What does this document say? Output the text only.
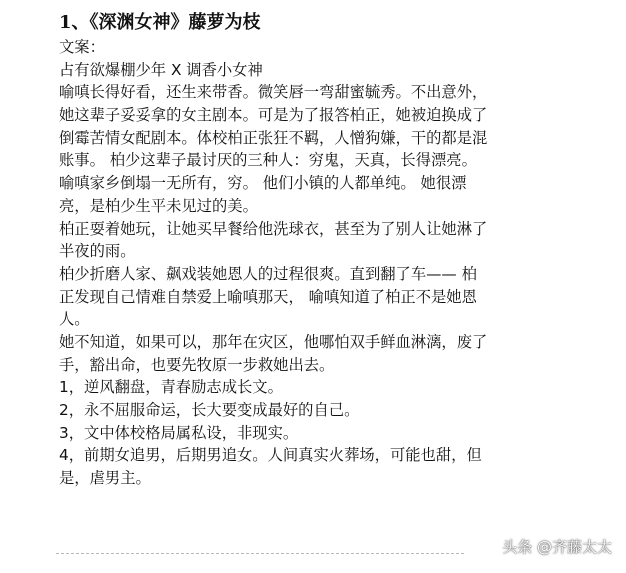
1、《深渊女神》藤萝为枝
文案：
占有欲爆棚少年 X 调香小女神
喻嗔长得好看，还生来带香。微笑唇一弯甜蜜毓秀。不出意外，
她这辈子妥妥拿的女主剧本。可是为了报答柏正，她被迫换成了
倒霉苦情女配剧本。体校柏正张狂不羁，人憎狗嫌，干的都是混
账事。 柏少这辈子最讨厌的三种人：穷鬼，天真，长得漂亮。
喻嗔家乡倒塌一无所有，穷。 他们小镇的人都单纯。 她很漂
亮，是柏少生平未见过的美。
柏正耍着她玩，让她买早餐给他洗球衣，甚至为了别人让她淋了
半夜的雨。
柏少折磨人家、飙戏装她恩人的过程很爽。直到翻了车—— 柏
正发现自己情难自禁爱上喻嗔那天， 喻嗔知道了柏正不是她恩
人。
她不知道，如果可以，那年在灾区，他哪怕双手鲜血淋漓，废了
手，豁出命，也要先牧原一步救她出去。
1，逆风翻盘，青春励志成长文。
2，永不屈服命运，长大要变成最好的自己。
3，文中体校格局属私设，非现实。
4，前期女追男，后期男追女。人间真实火葬场，可能也甜，但
是，虐男主。
头条 @齐藤太太
